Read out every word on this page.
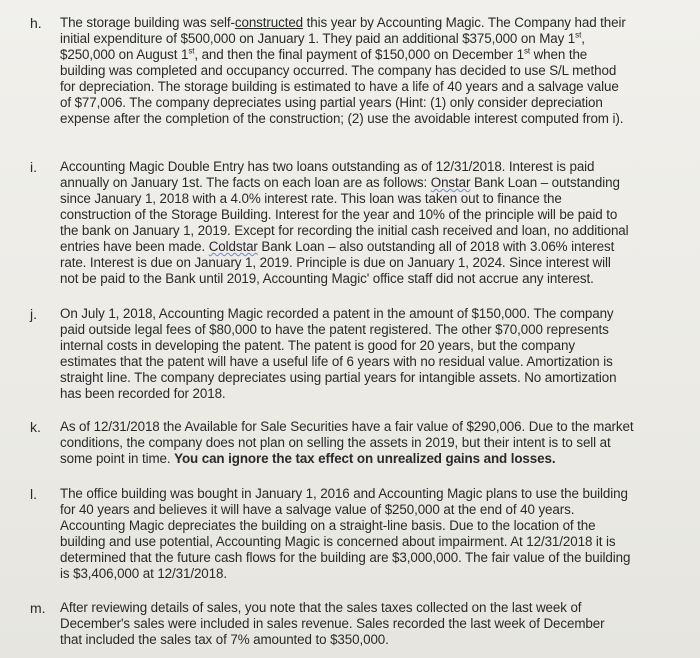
h. The storage building was self-constructed this year by Accounting Magic. The Company had their
initial expenditure of $500,000 on January 1. They paid an additional $375,000 on May 1st,
$250,000 on August 1st, and then the final payment of $150,000 on December 1st when the
building was completed and occupancy occurred. The company has decided to use S/L method
for depreciation. The storage building is estimated to have a life of 40 years and a salvage value
of $77,006. The company depreciates using partial years (Hint: (1) only consider depreciation
expense after the completion of the construction; (2) use the avoidable interest computed from i).
i. Accounting Magic Double Entry has two loans outstanding as of 12/31/2018. Interest is paid
annually on January 1st. The facts on each loan are as follows: Onstar Bank Loan – outstanding
since January 1, 2018 with a 4.0% interest rate. This loan was taken out to finance the
construction of the Storage Building. Interest for the year and 10% of the principle will be paid to
the bank on January 1, 2019. Except for recording the initial cash received and loan, no additional
entries have been made. Coldstar Bank Loan – also outstanding all of 2018 with 3.06% interest
rate. Interest is due on January 1, 2019. Principle is due on January 1, 2024. Since interest will
not be paid to the Bank until 2019, Accounting Magic' office staff did not accrue any interest.
j. On July 1, 2018, Accounting Magic recorded a patent in the amount of $150,000. The company
paid outside legal fees of $80,000 to have the patent registered. The other $70,000 represents
internal costs in developing the patent. The patent is good for 20 years, but the company
estimates that the patent will have a useful life of 6 years with no residual value. Amortization is
straight line. The company depreciates using partial years for intangible assets. No amortization
has been recorded for 2018.
k. As of 12/31/2018 the Available for Sale Securities have a fair value of $290,006. Due to the market
conditions, the company does not plan on selling the assets in 2019, but their intent is to sell at
some point in time. You can ignore the tax effect on unrealized gains and losses.
l. The office building was bought in January 1, 2016 and Accounting Magic plans to use the building
for 40 years and believes it will have a salvage value of $250,000 at the end of 40 years.
Accounting Magic depreciates the building on a straight-line basis. Due to the location of the
building and use potential, Accounting Magic is concerned about impairment. At 12/31/2018 it is
determined that the future cash flows for the building are $3,000,000. The fair value of the building
is $3,406,000 at 12/31/2018.
m. After reviewing details of sales, you note that the sales taxes collected on the last week of
December's sales were included in sales revenue. Sales recorded the last week of December
that included the sales tax of 7% amounted to $350,000.
